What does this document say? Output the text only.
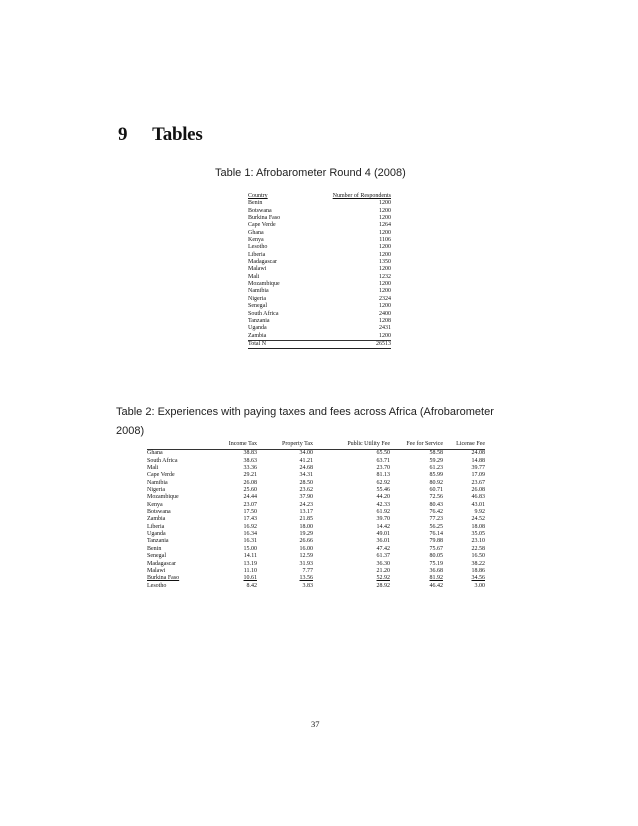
9 Tables
Table 1: Afrobarometer Round 4 (2008)
Country	Number of Respondents
Benin	1200
Botswana	1200
Burkina Faso	1200
Cape Verde	1264
Ghana	1200
Kenya	1106
Lesotho	1200
Liberia	1200
Madagascar	1350
Malawi	1200
Mali	1232
Mozambique	1200
Namibia	1200
Nigeria	2324
Senegal	1200
South Africa	2400
Tanzania	1208
Uganda	2431
Zambia	1200
Total N	26513
Table 2: Experiences with paying taxes and fees across Africa (Afrobarometer 2008)
	Income Tax	Property Tax	Public Utility Fee	Fee for Service	License Fee
Ghana	38.83	34.00	65.50	58.58	24.08
South Africa	38.63	41.21	63.71	59.29	14.88
Mali	33.36	24.68	23.70	61.23	39.77
Cape Verde	29.21	34.31	81.13	85.99	17.09
Namibia	26.08	28.50	62.92	80.92	23.67
Nigeria	25.60	23.62	55.46	60.71	26.08
Mozambique	24.44	37.90	44.20	72.56	46.83
Kenya	23.07	24.23	42.33	80.43	43.01
Botswana	17.50	13.17	61.92	76.42	9.92
Zambia	17.43	21.85	39.70	77.23	24.52
Liberia	16.92	18.00	14.42	56.25	18.08
Uganda	16.34	19.29	49.01	76.14	35.05
Tanzania	16.31	26.66	36.01	79.88	23.10
Benin	15.00	16.00	47.42	75.67	22.58
Senegal	14.11	12.59	61.37	80.05	16.50
Madagascar	13.19	31.93	36.30	75.19	38.22
Malawi	11.10	7.77	21.20	36.68	18.86
Burkina Faso	10.61	13.56	52.92	81.92	34.56
Lesotho	8.42	3.83	28.92	46.42	3.00
37
